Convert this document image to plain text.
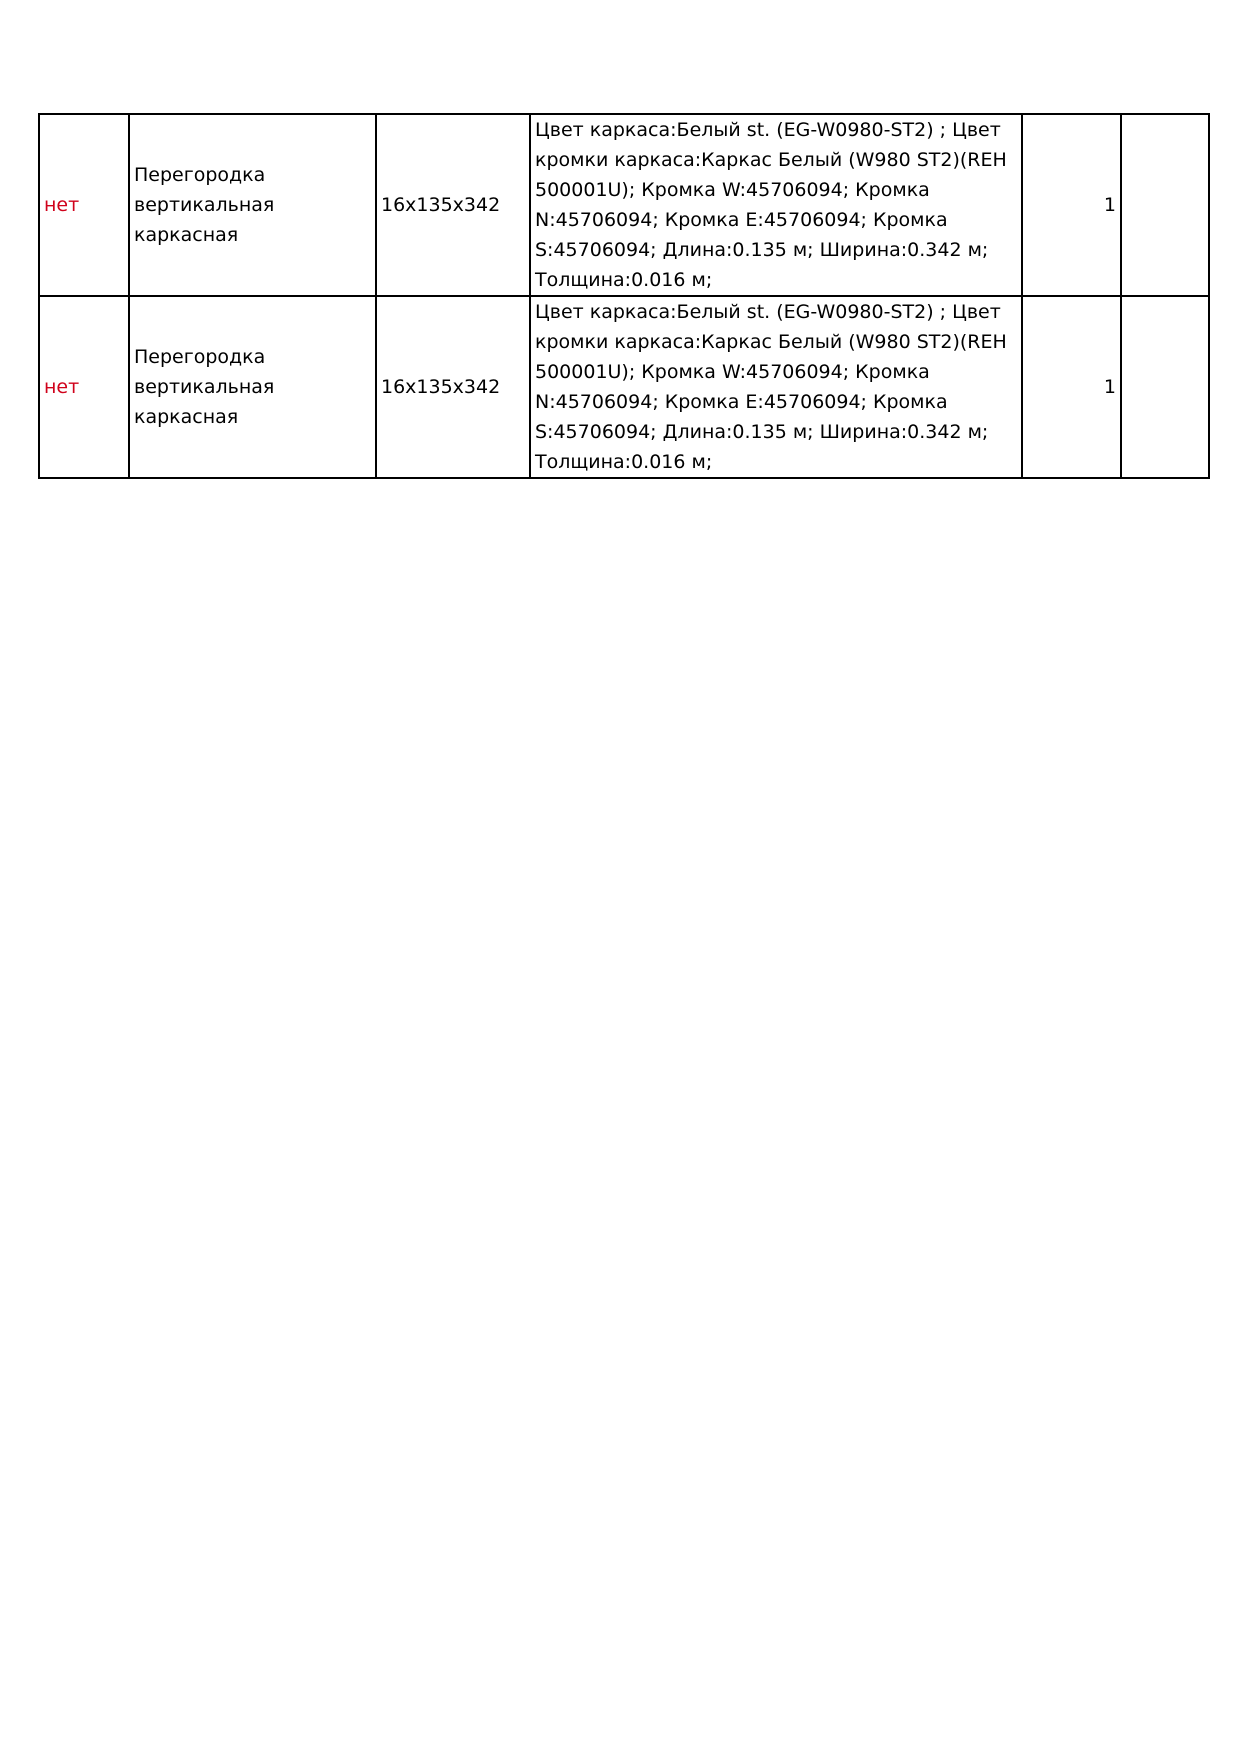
нет	Перегородка вертикальная каркасная	16x135x342	Цвет каркаса:Белый st. (EG-W0980-ST2) ; Цвет кромки каркаса:Каркас Белый (W980 ST2)(REH 500001U); Кромка W:45706094; Кромка N:45706094; Кромка E:45706094; Кромка S:45706094; Длина:0.135 м; Ширина:0.342 м; Толщина:0.016 м;	1	
нет	Перегородка вертикальная каркасная	16x135x342	Цвет каркаса:Белый st. (EG-W0980-ST2) ; Цвет кромки каркаса:Каркас Белый (W980 ST2)(REH 500001U); Кромка W:45706094; Кромка N:45706094; Кромка E:45706094; Кромка S:45706094; Длина:0.135 м; Ширина:0.342 м; Толщина:0.016 м;	1	
